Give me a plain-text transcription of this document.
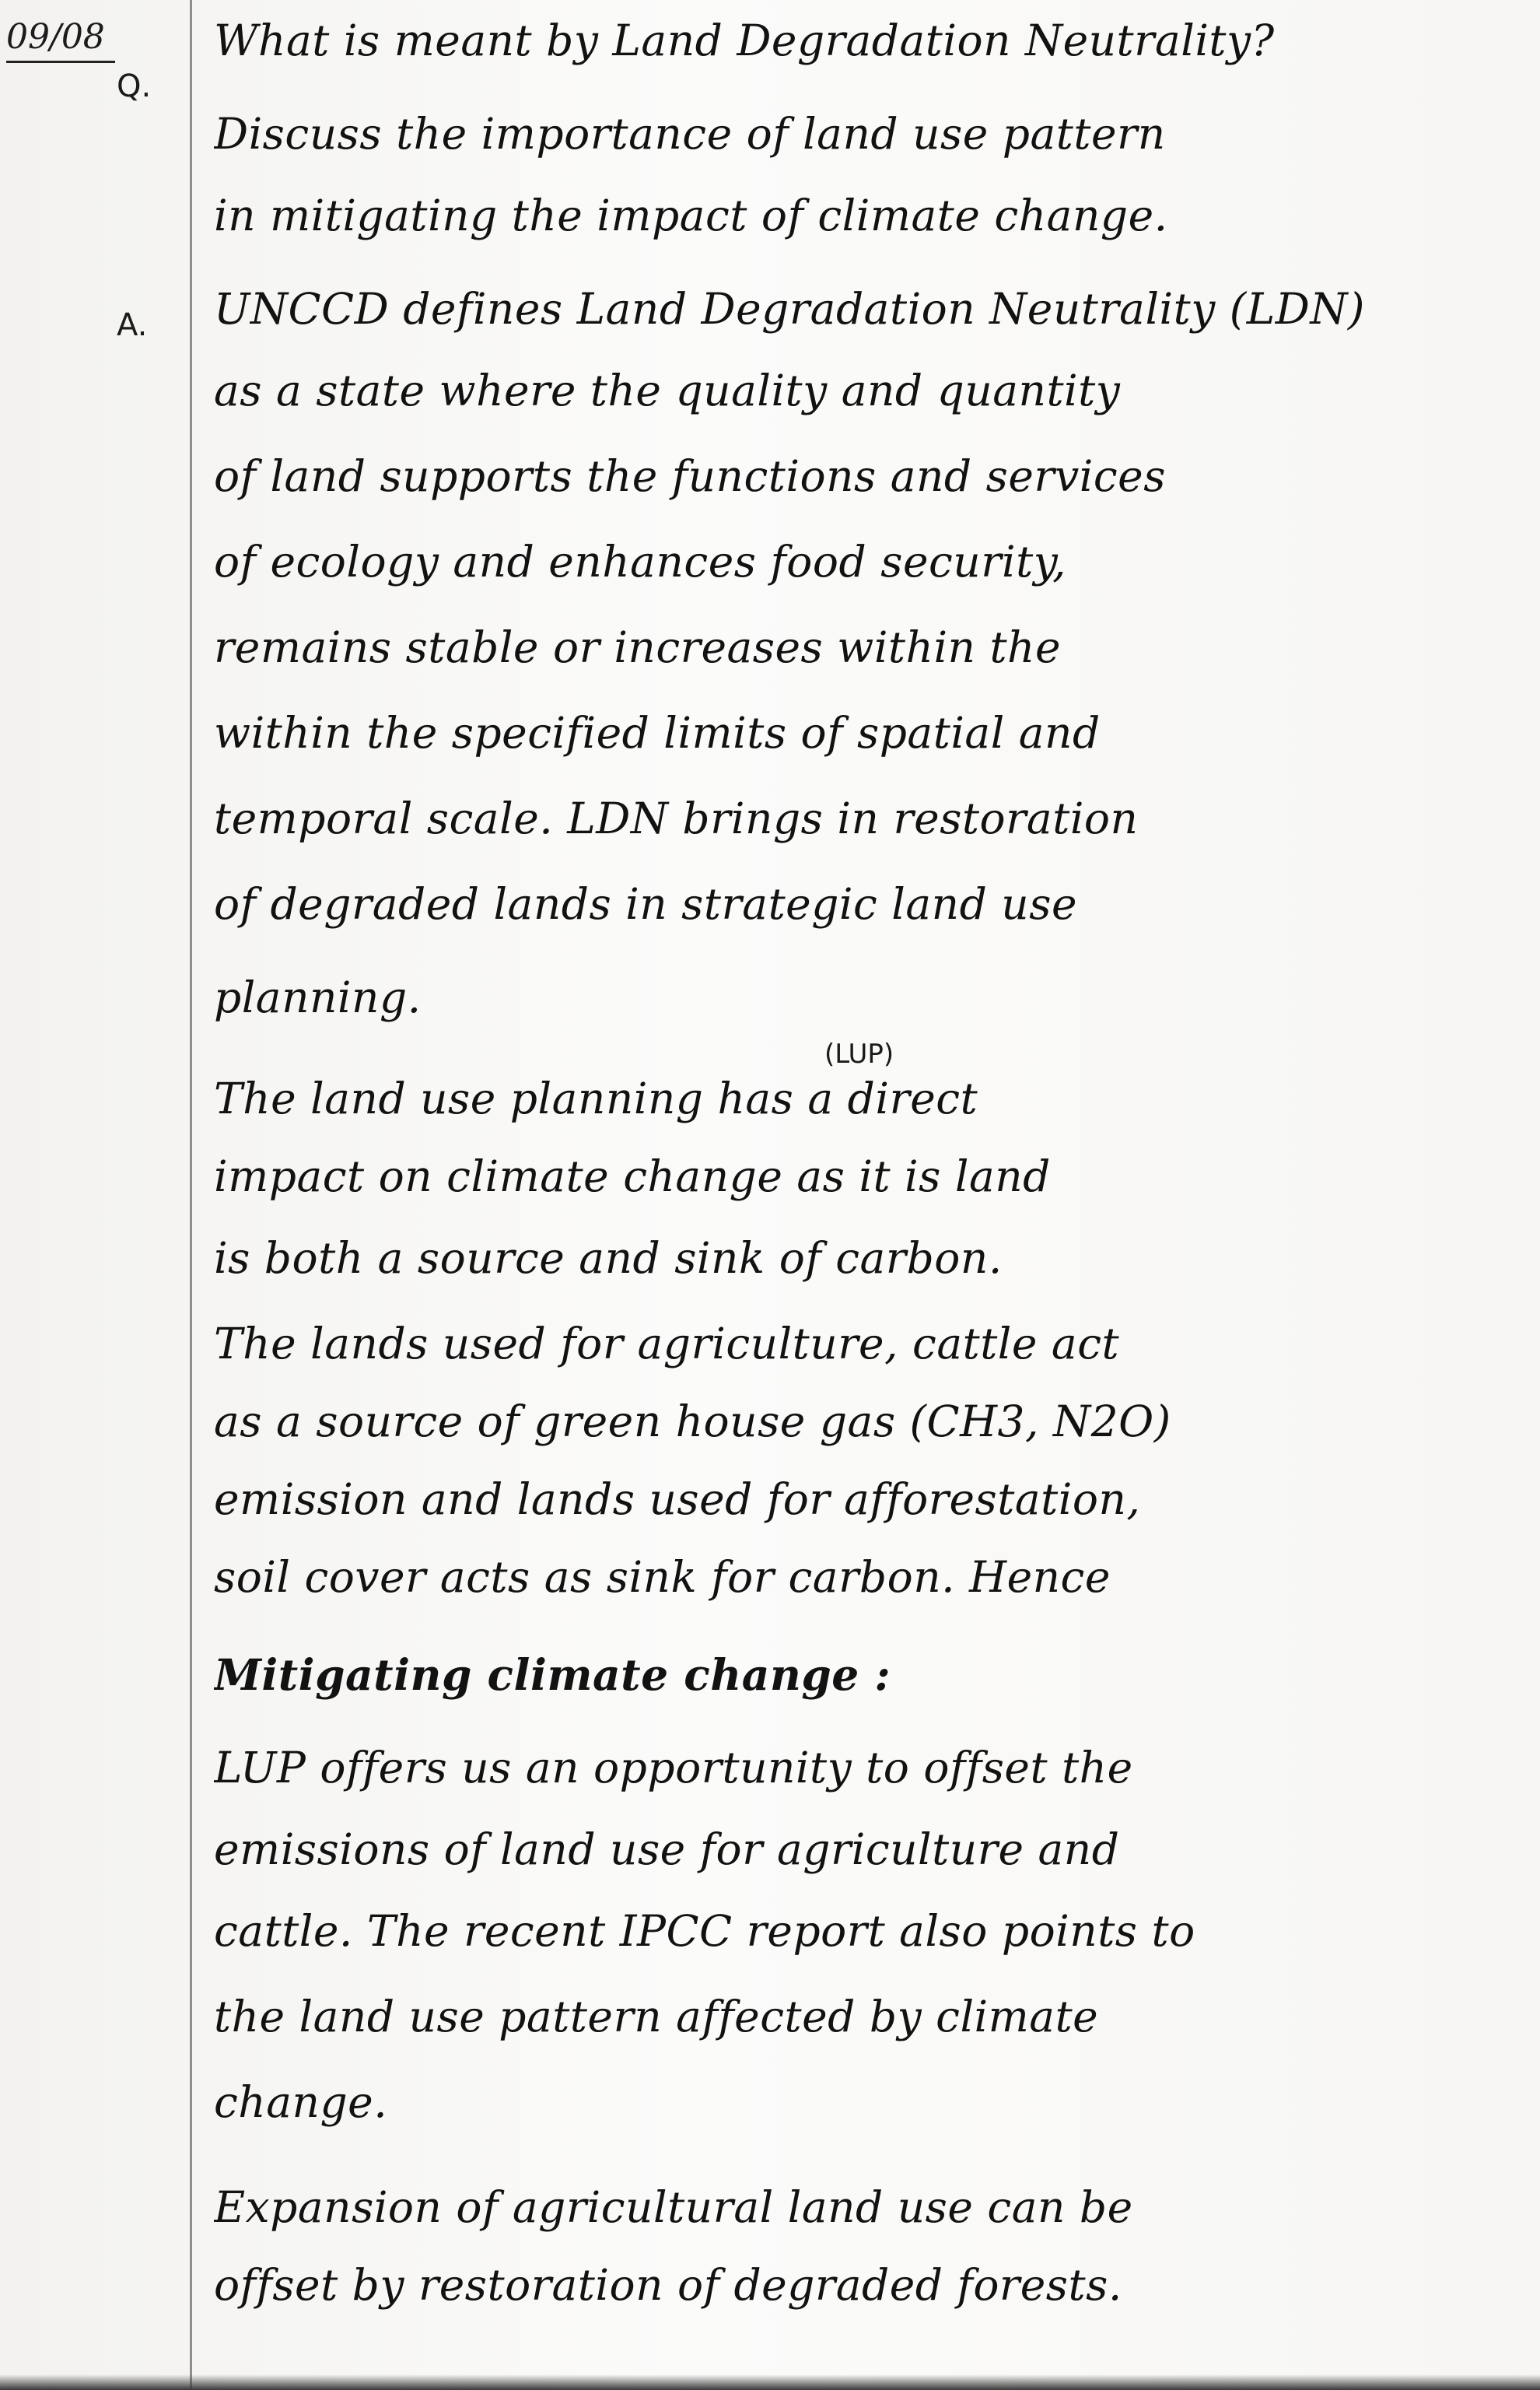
09/08
Q.
A.
(LUP)
What is meant by Land Degradation Neutrality?
Discuss the importance of land use pattern
in mitigating the impact of climate change.
UNCCD defines Land Degradation Neutrality (LDN)
as a state where the quality and quantity
of land supports the functions and services
of ecology and enhances food security,
remains stable or increases within the
within the specified limits of spatial and
temporal scale. LDN brings in restoration
of degraded lands in strategic land use
planning.
The land use planning has a direct
impact on climate change as it is land
is both a source and sink of carbon.
The lands used for agriculture, cattle act
as a source of green house gas (CH3, N2O)
emission and lands used for afforestation,
soil cover acts as sink for carbon. Hence
Mitigating climate change :
LUP offers us an opportunity to offset the
emissions of land use for agriculture and
cattle. The recent IPCC report also points to
the land use pattern affected by climate
change.
Expansion of agricultural land use can be
offset by restoration of degraded forests.
